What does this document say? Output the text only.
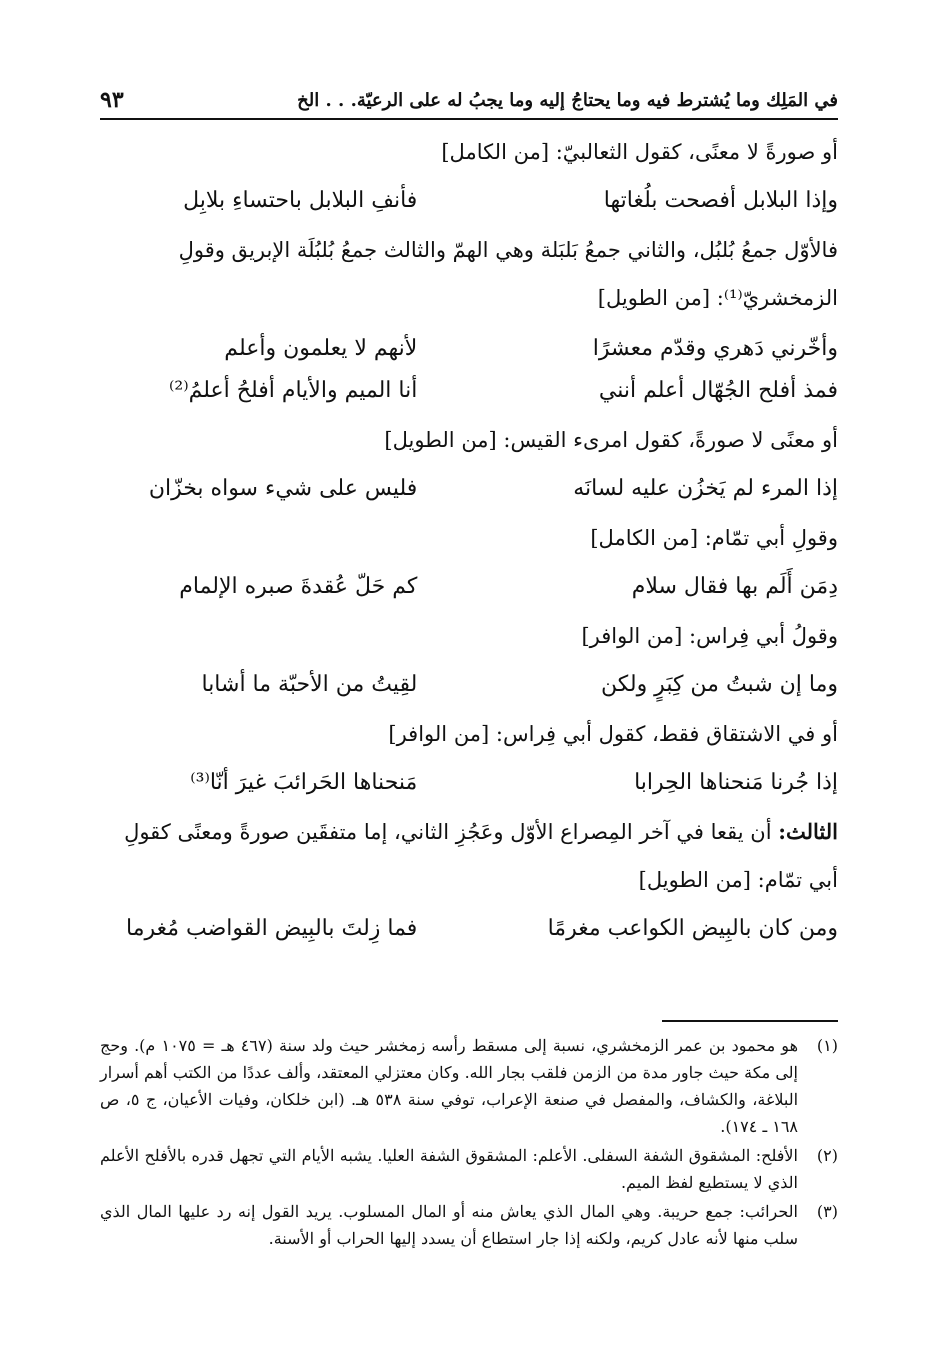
في المَلِك وما يُشترط فيه وما يحتاجُ إليه وما يجبُ له على الرعيّة. . . الخ
٩٣

أو صورةً لا معنًى، كقول الثعالبيّ: [من الكامل]

وإذا البلابل أفصحت بلُغاتها
فأنفِ البلابل باحتساءِ بلابِل

فالأوّل جمعُ بُلبُل، والثاني جمعُ بَلبَلة وهي الهمّ والثالث جمعُ بُلبُلَة الإبريق وقولِ الزمخشريّ⁽¹⁾: [من الطويل]

وأخّرني دَهري وقدّم معشرًا
لأنهم لا يعلمون وأعلم
فمذ أفلح الجُهّال أعلم أنني
أنا الميم والأيام أفلحُ أعلمُ⁽²⁾

أو معنًى لا صورةً، كقول امرىء القيس: [من الطويل]

إذا المرء لم يَخزُن عليه لسانَه
فليس على شيء سواه بخزّان

وقولِ أبي تمّام: [من الكامل]

دِمَن أَلَم بها فقال سلام
كم حَلّ عُقدةَ صبره الإلمام

وقولُ أبي فِراس: [من الوافر]

وما إن شبتُ من كِبَرٍ ولكن
لقِيتُ من الأحبّة ما أشابا

أو في الاشتقاق فقط، كقول أبي فِراس: [من الوافر]

إذا جُرنا مَنحناها الحِرابا
مَنحناها الحَرائبَ غيرَ أنّا⁽³⁾

الثالث: أن يقعا في آخر المِصراع الأوّل وعَجُزِ الثاني، إما متفقَين صورةً ومعنًى كقولِ أبي تمّام: [من الطويل]

ومن كان بالبِيض الكواعب مغرمًا
فما زِلتَ بالبِيض القواضب مُغرما
(١)
هو محمود بن عمر الزمخشري، نسبة إلى مسقط رأسه زمخشر حيث ولد سنة (٤٦٧ هـ = ١٠٧٥ م). وحج إلى مكة حيث جاور مدة من الزمن فلقب بجار الله. وكان معتزلي المعتقد، وألف عددًا من الكتب أهم أسرار البلاغة، والكشاف، والمفصل في صنعة الإعراب، توفي سنة ٥٣٨ هـ. (ابن خلكان، وفيات الأعيان، ج ٥، ص ١٦٨ ـ ١٧٤).
(٢)
الأفلح: المشقوق الشفة السفلى. الأعلم: المشقوق الشفة العليا. يشبه الأيام التي تجهل قدره بالأفلح الأعلم الذي لا يستطيع لفظ الميم.
(٣)
الحرائب: جمع حريبة. وهي المال الذي يعاش منه أو المال المسلوب. يريد القول إنه رد عليها المال الذي سلب منها لأنه عادل كريم، ولكنه إذا جار استطاع أن يسدد إليها الحراب أو الأسنة.
